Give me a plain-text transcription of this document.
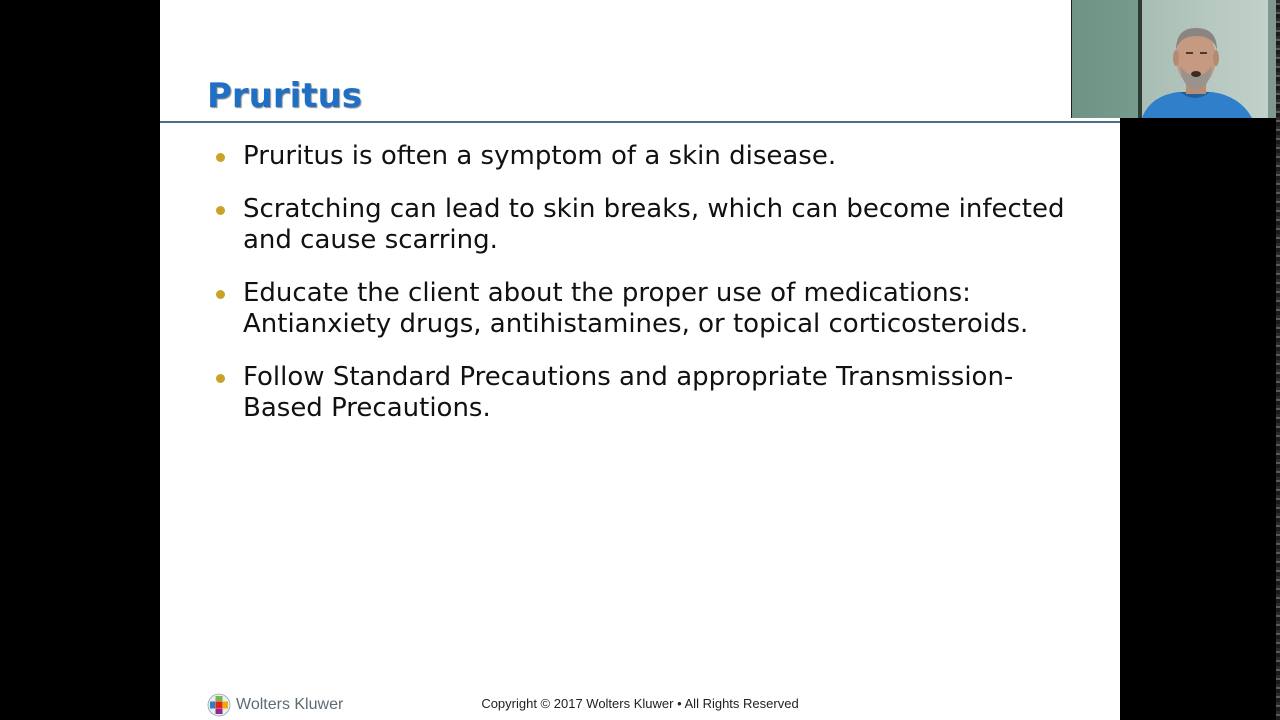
Pruritus
Pruritus is often a symptom of a skin disease.
Scratching can lead to skin breaks, which can become infected and cause scarring.
Educate the client about the proper use of medications: Antianxiety drugs, antihistamines, or topical corticosteroids.
Follow Standard Precautions and appropriate Transmission-Based Precautions.
Wolters Kluwer	Copyright © 2017 Wolters Kluwer • All Rights Reserved
